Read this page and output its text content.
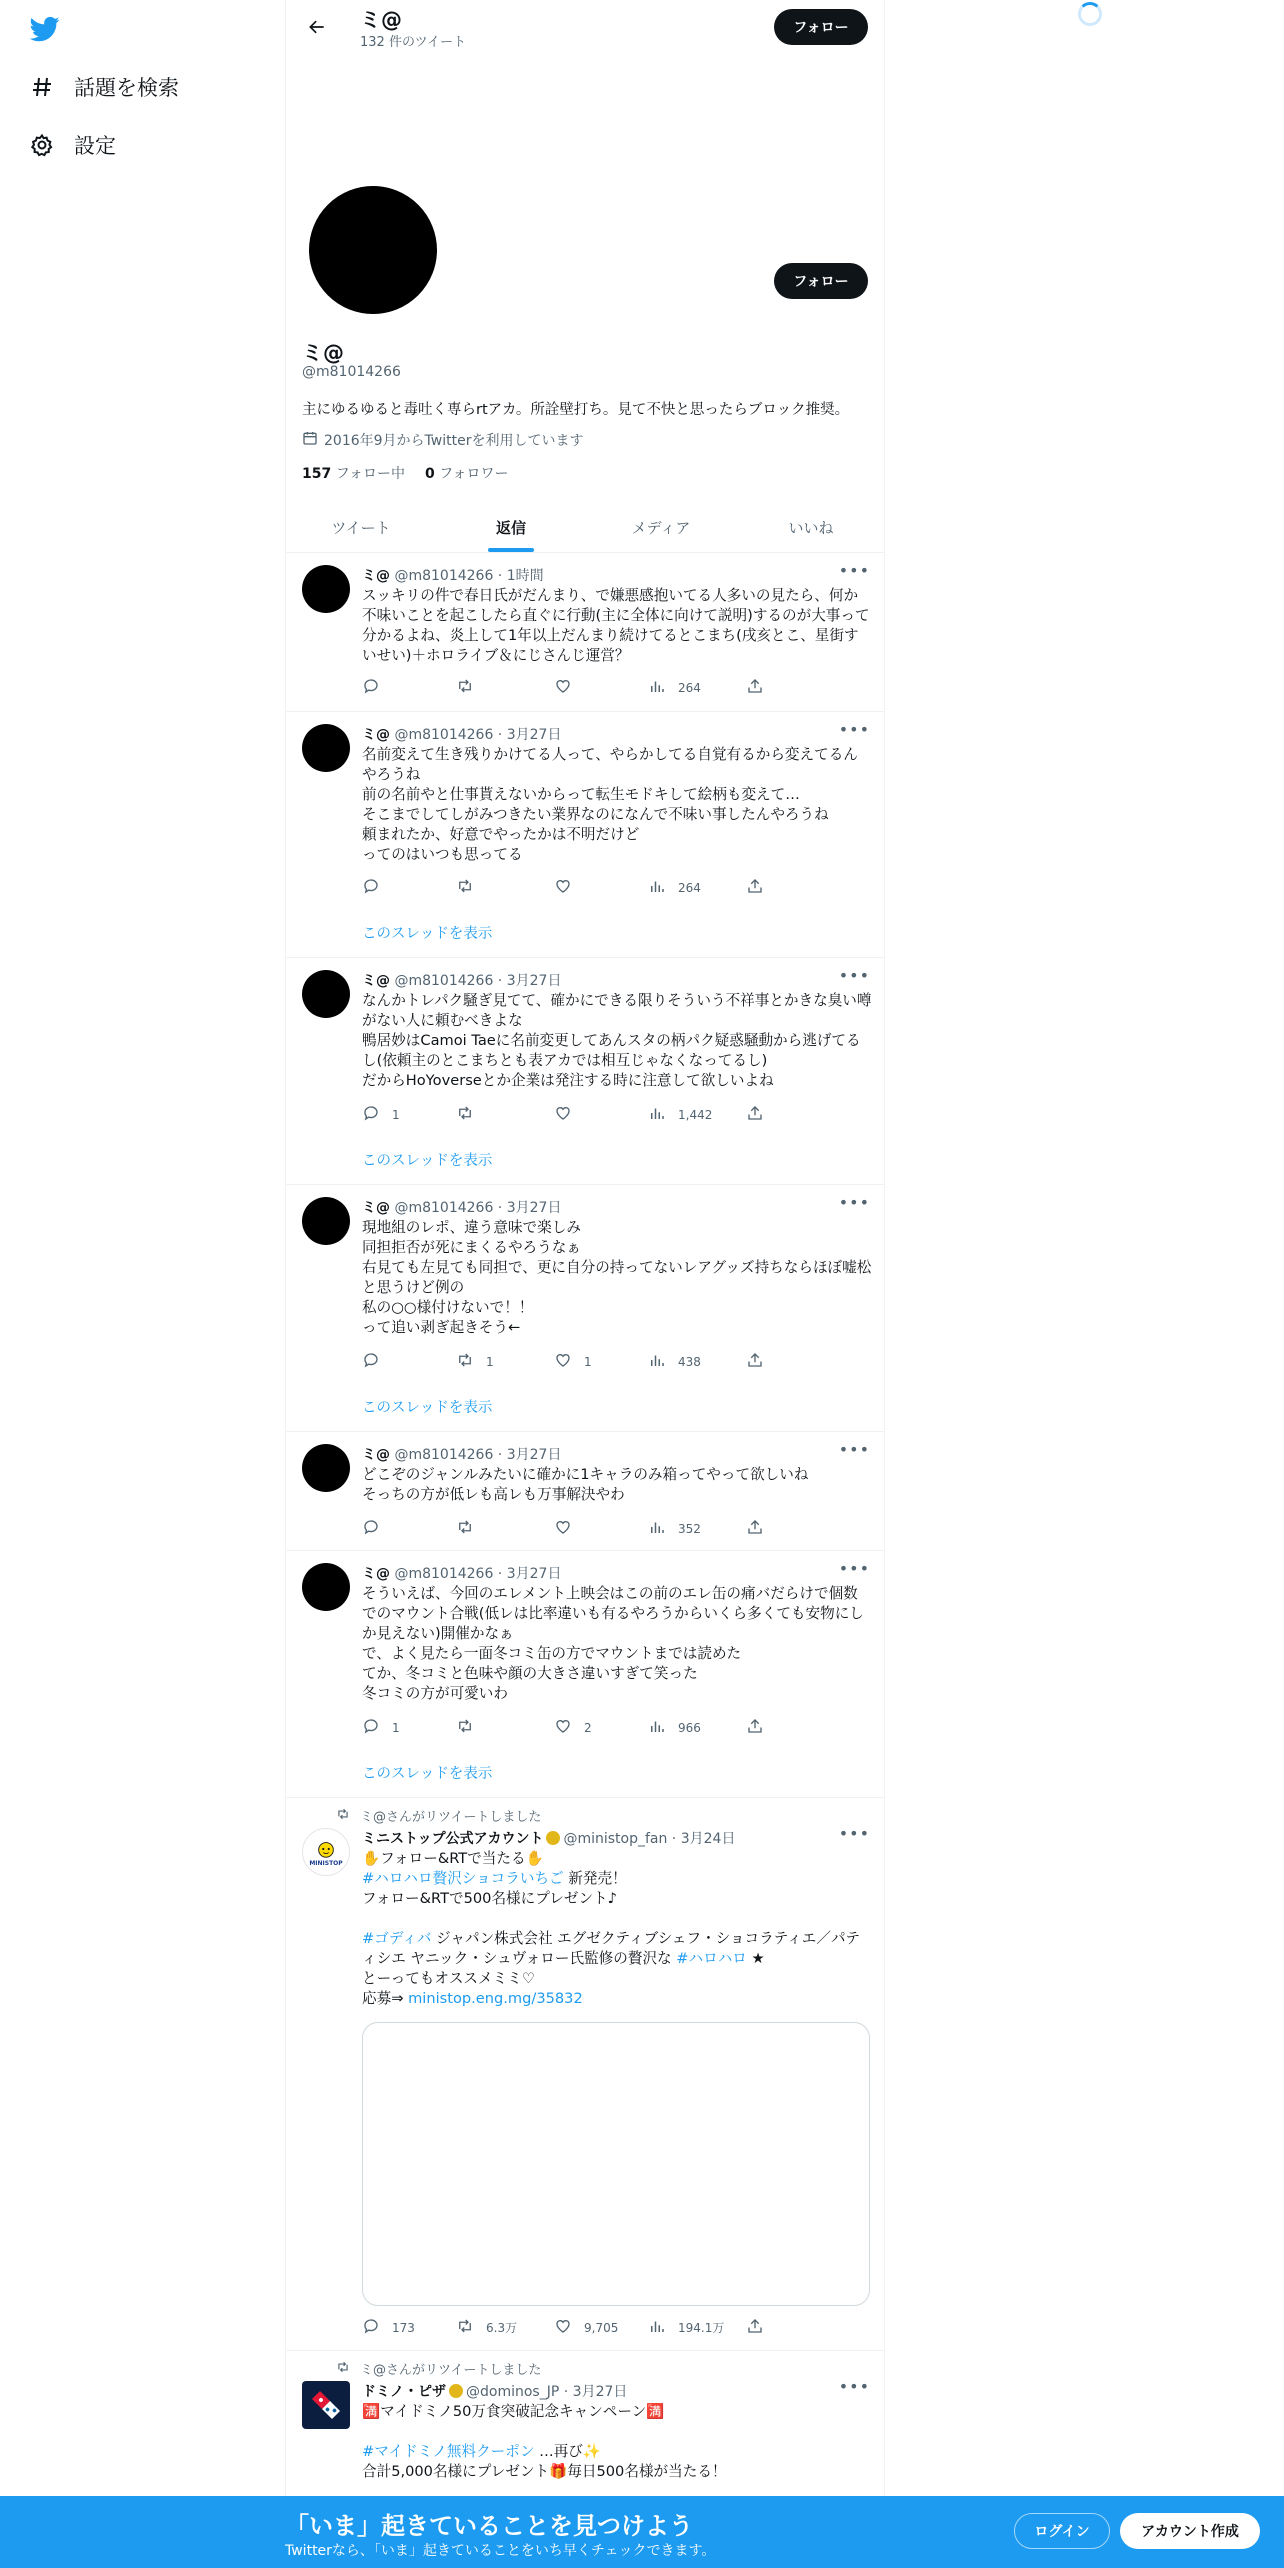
話題を検索
設定
ミ@
132 件のツイート
フォロー
フォロー
ミ@
@m81014266
主にゆるゆると毒吐く専らrtアカ。所詮壁打ち。見て不快と思ったらブロック推奨。
2016年9月からTwitterを利用しています
157 フォロー中 0 フォロワー
ツイート	返信	メディア	いいね
ミ@ @m81014266 · 1時間	•••
スッキリの件で春日氏がだんまり、で嫌悪感抱いてる人多いの見たら、何か不味いことを起こしたら直ぐに行動(主に全体に向けて説明)するのが大事って分かるよね、炎上して1年以上だんまり続けてるとこまち(戌亥とこ、星街すいせい)＋ホロライブ＆にじさんじ運営？
264
ミ@ @m81014266 · 3月27日	•••
名前変えて生き残りかけてる人って、やらかしてる自覚有るから変えてるんやろうね
前の名前やと仕事貰えないからって転生モドキして絵柄も変えて…
そこまでしてしがみつきたい業界なのになんで不味い事したんやろうね
頼まれたか、好意でやったかは不明だけど
ってのはいつも思ってる
264
このスレッドを表示
ミ@ @m81014266 · 3月27日	•••
なんかトレパク騒ぎ見てて、確かにできる限りそういう不祥事とかきな臭い噂がない人に頼むべきよな
鴨居妙はCamoi Taeに名前変更してあんスタの柄パク疑惑騒動から逃げてるし(依頼主のとこまちとも表アカでは相互じゃなくなってるし)
だからHoYoverseとか企業は発注する時に注意して欲しいよね
1	1,442
このスレッドを表示
ミ@ @m81014266 · 3月27日	•••
現地組のレポ、違う意味で楽しみ
同担拒否が死にまくるやろうなぁ
右見ても左見ても同担で、更に自分の持ってないレアグッズ持ちならほぼ嘘松と思うけど例の
私の○○様付けないで！！
って追い剥ぎ起きそう←
1	1	438
このスレッドを表示
ミ@ @m81014266 · 3月27日	•••
どこぞのジャンルみたいに確かに1キャラのみ箱ってやって欲しいね
そっちの方が低レも高レも万事解決やわ
352
ミ@ @m81014266 · 3月27日	•••
そういえば、今回のエレメント上映会はこの前のエレ缶の痛バだらけで個数でのマウント合戦(低レは比率違いも有るやろうからいくら多くても安物にしか見えない)開催かなぁ
で、よく見たら一面冬コミ缶の方でマウントまでは読めた
てか、冬コミと色味や顔の大きさ違いすぎて笑った
冬コミの方が可愛いわ
1	2	966
このスレッドを表示
ミ@さんがリツイートしました
MINISTOP
ミニストップ公式アカウント @ministop_fan · 3月24日	•••
✋フォロー&RTで当たる✋
#ハロハロ贅沢ショコラいちご 新発売！
フォロー&RTで500名様にプレゼント♪

#ゴディバ ジャパン株式会社 エグゼクティブシェフ・ショコラティエ／パティシエ ヤニック・シュヴォロー氏監修の贅沢な #ハロハロ ★
とーってもオススメミミ♡
応募⇒ ministop.eng.mg/35832
173	6.3万	9,705	194.1万
ミ@さんがリツイートしました
ドミノ・ピザ @dominos_JP · 3月27日	•••
🈵マイドミノ50万食突破記念キャンペーン🈵

#マイドミノ無料クーポン …再び✨
合計5,000名様にプレゼント🎁毎日500名様が当たる！
「いま」起きていることを見つけよう
Twitterなら、「いま」起きていることをいち早くチェックできます。
ログイン	アカウント作成
